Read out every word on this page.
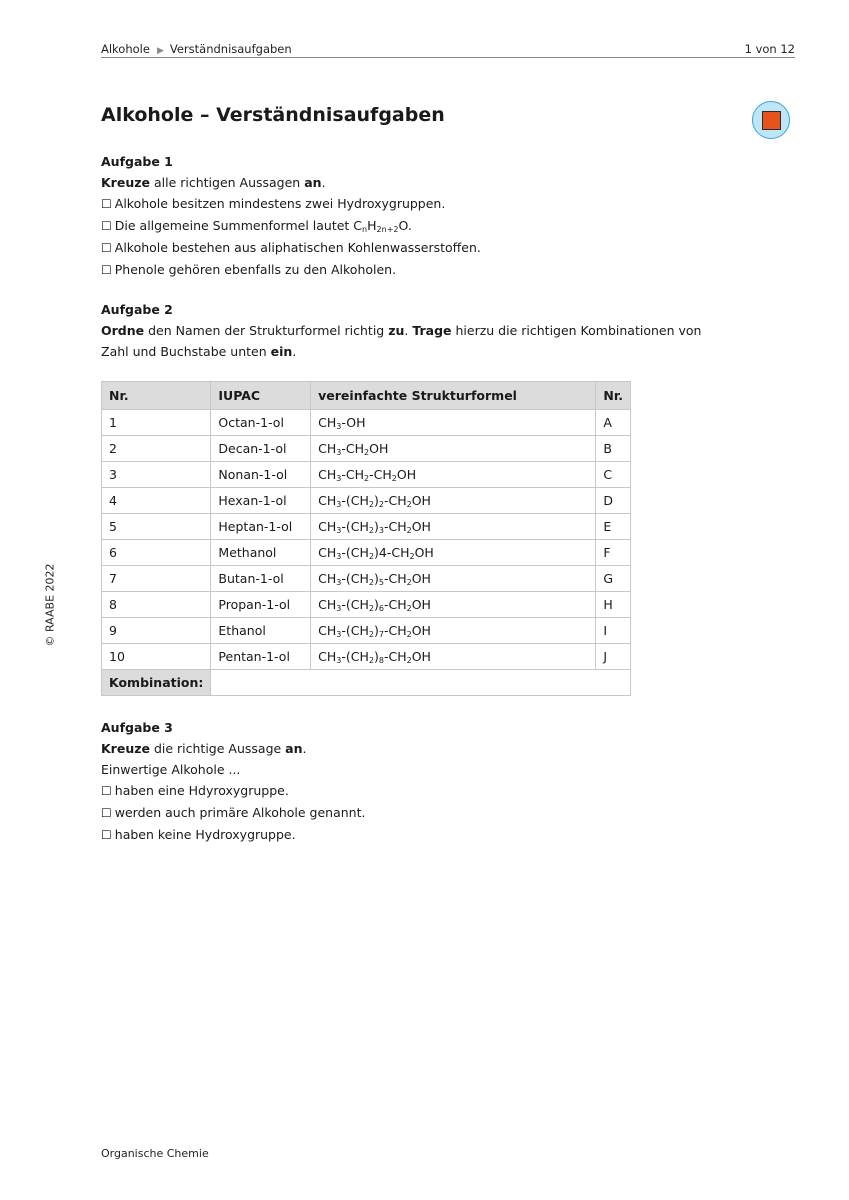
Alkohole ▶ Verständnisaufgaben	1 von 12
© RAABE 2022
Alkohole – Verständnisaufgaben

Aufgabe 1

Kreuze alle richtigen Aussagen an.

☐ Alkohole besitzen mindestens zwei Hydroxygruppen.

☐ Die allgemeine Summenformel lautet $C_nH_{2n+2}O$.

☐ Alkohole bestehen aus aliphatischen Kohlenwasserstoffen.

☐ Phenole gehören ebenfalls zu den Alkoholen.

Aufgabe 2

Ordne den Namen der Strukturformel richtig zu. Trage hierzu die richtigen Kombinationen von

Zahl und Buchstabe unten ein.

Nr.	IUPAC	vereinfachte Strukturformel	Nr.
1	Octan-1-ol	$CH_3-OH$	A
2	Decan-1-ol	$CH_3-CH_2OH$	B
3	Nonan-1-ol	$CH_3-CH_2-CH_2OH$	C
4	Hexan-1-ol	$CH_3-(CH_2)_2-CH_2OH$	D
5	Heptan-1-ol	$CH_3-(CH_2)_3-CH_2OH$	E
6	Methanol	$CH_3-(CH_2)4-CH_2OH$	F
7	Butan-1-ol	$CH_3-(CH_2)_5-CH_2OH$	G
8	Propan-1-ol	$CH_3-(CH_2)_6-CH_2OH$	H
9	Ethanol	$CH_3-(CH_2)_7-CH_2OH$	I
10	Pentan-1-ol	$CH_3-(CH_2)_8-CH_2OH$	J
Kombination:			

Aufgabe 3

Kreuze die richtige Aussage an.

Einwertige Alkohole ...

☐ haben eine Hdyroxygruppe.

☐ werden auch primäre Alkohole genannt.

☐ haben keine Hydroxygruppe.

Organische Chemie
